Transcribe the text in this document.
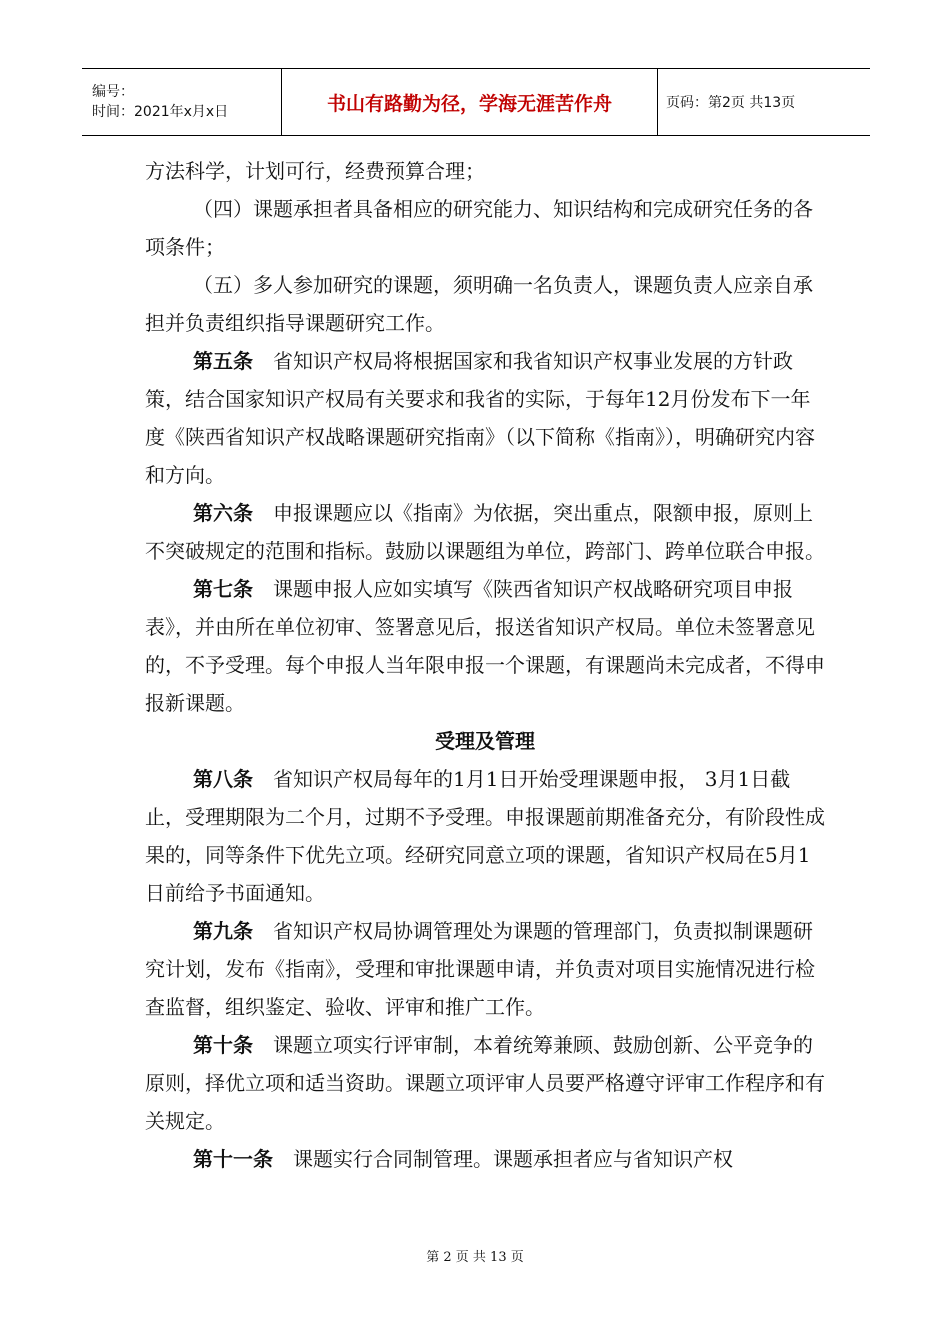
编号：
时间：2021年x月x日	书山有路勤为径，学海无涯苦作舟	页码：第2页 共13页

方法科学，计划可行，经费预算合理；

（四）课题承担者具备相应的研究能力、知识结构和完成研究任务的各项条件；

（五）多人参加研究的课题，须明确一名负责人，课题负责人应亲自承担并负责组织指导课题研究工作。

第五条 省知识产权局将根据国家和我省知识产权事业发展的方针政策，结合国家知识产权局有关要求和我省的实际，于每年12月份发布下一年度《陕西省知识产权战略课题研究指南》（以下简称《指南》），明确研究内容和方向。

第六条 申报课题应以《指南》为依据，突出重点，限额申报，原则上不突破规定的范围和指标。鼓励以课题组为单位，跨部门、跨单位联合申报。

第七条 课题申报人应如实填写《陕西省知识产权战略研究项目申报表》，并由所在单位初审、签署意见后，报送省知识产权局。单位未签署意见的，不予受理。每个申报人当年限申报一个课题，有课题尚未完成者，不得申报新课题。

受理及管理

第八条 省知识产权局每年的1月1日开始受理课题申报， 3月1日截止，受理期限为二个月，过期不予受理。申报课题前期准备充分，有阶段性成果的，同等条件下优先立项。经研究同意立项的课题，省知识产权局在5月1日前给予书面通知。

第九条 省知识产权局协调管理处为课题的管理部门，负责拟制课题研究计划，发布《指南》，受理和审批课题申请，并负责对项目实施情况进行检查监督，组织鉴定、验收、评审和推广工作。

第十条 课题立项实行评审制，本着统筹兼顾、鼓励创新、公平竞争的原则，择优立项和适当资助。课题立项评审人员要严格遵守评审工作程序和有关规定。

第十一条 课题实行合同制管理。课题承担者应与省知识产权

第 2 页 共 13 页
